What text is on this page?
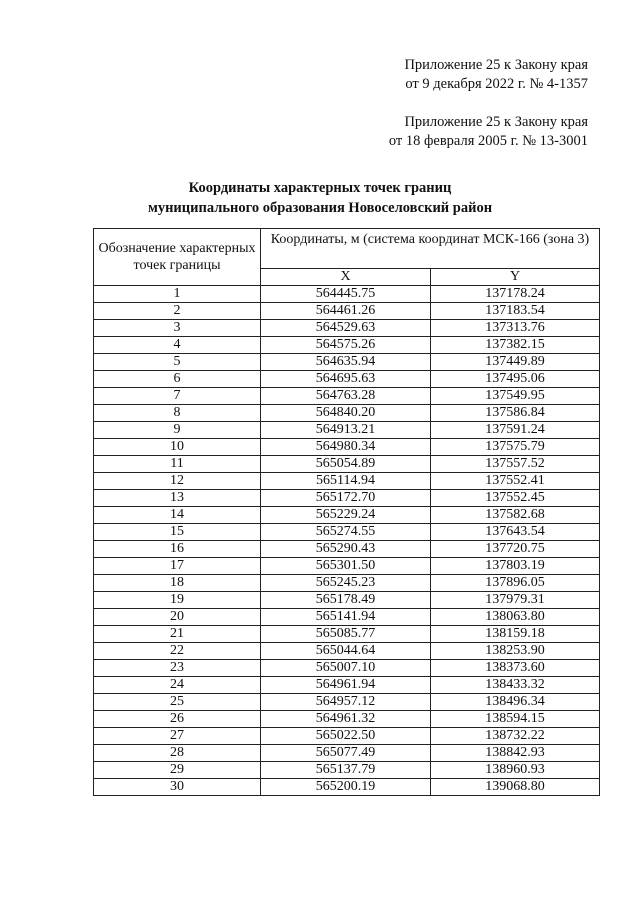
Приложение 25 к Закону края
от 9 декабря 2022 г. № 4-1357
Приложение 25 к Закону края
от 18 февраля 2005 г. № 13-3001
Координаты характерных точек границ
муниципального образования Новоселовский район
Обозначение характерных точек границы	Координаты, м (система координат МСК-166 (зона 3)	
	X	Y
1	564445.75	137178.24
2	564461.26	137183.54
3	564529.63	137313.76
4	564575.26	137382.15
5	564635.94	137449.89
6	564695.63	137495.06
7	564763.28	137549.95
8	564840.20	137586.84
9	564913.21	137591.24
10	564980.34	137575.79
11	565054.89	137557.52
12	565114.94	137552.41
13	565172.70	137552.45
14	565229.24	137582.68
15	565274.55	137643.54
16	565290.43	137720.75
17	565301.50	137803.19
18	565245.23	137896.05
19	565178.49	137979.31
20	565141.94	138063.80
21	565085.77	138159.18
22	565044.64	138253.90
23	565007.10	138373.60
24	564961.94	138433.32
25	564957.12	138496.34
26	564961.32	138594.15
27	565022.50	138732.22
28	565077.49	138842.93
29	565137.79	138960.93
30	565200.19	139068.80
